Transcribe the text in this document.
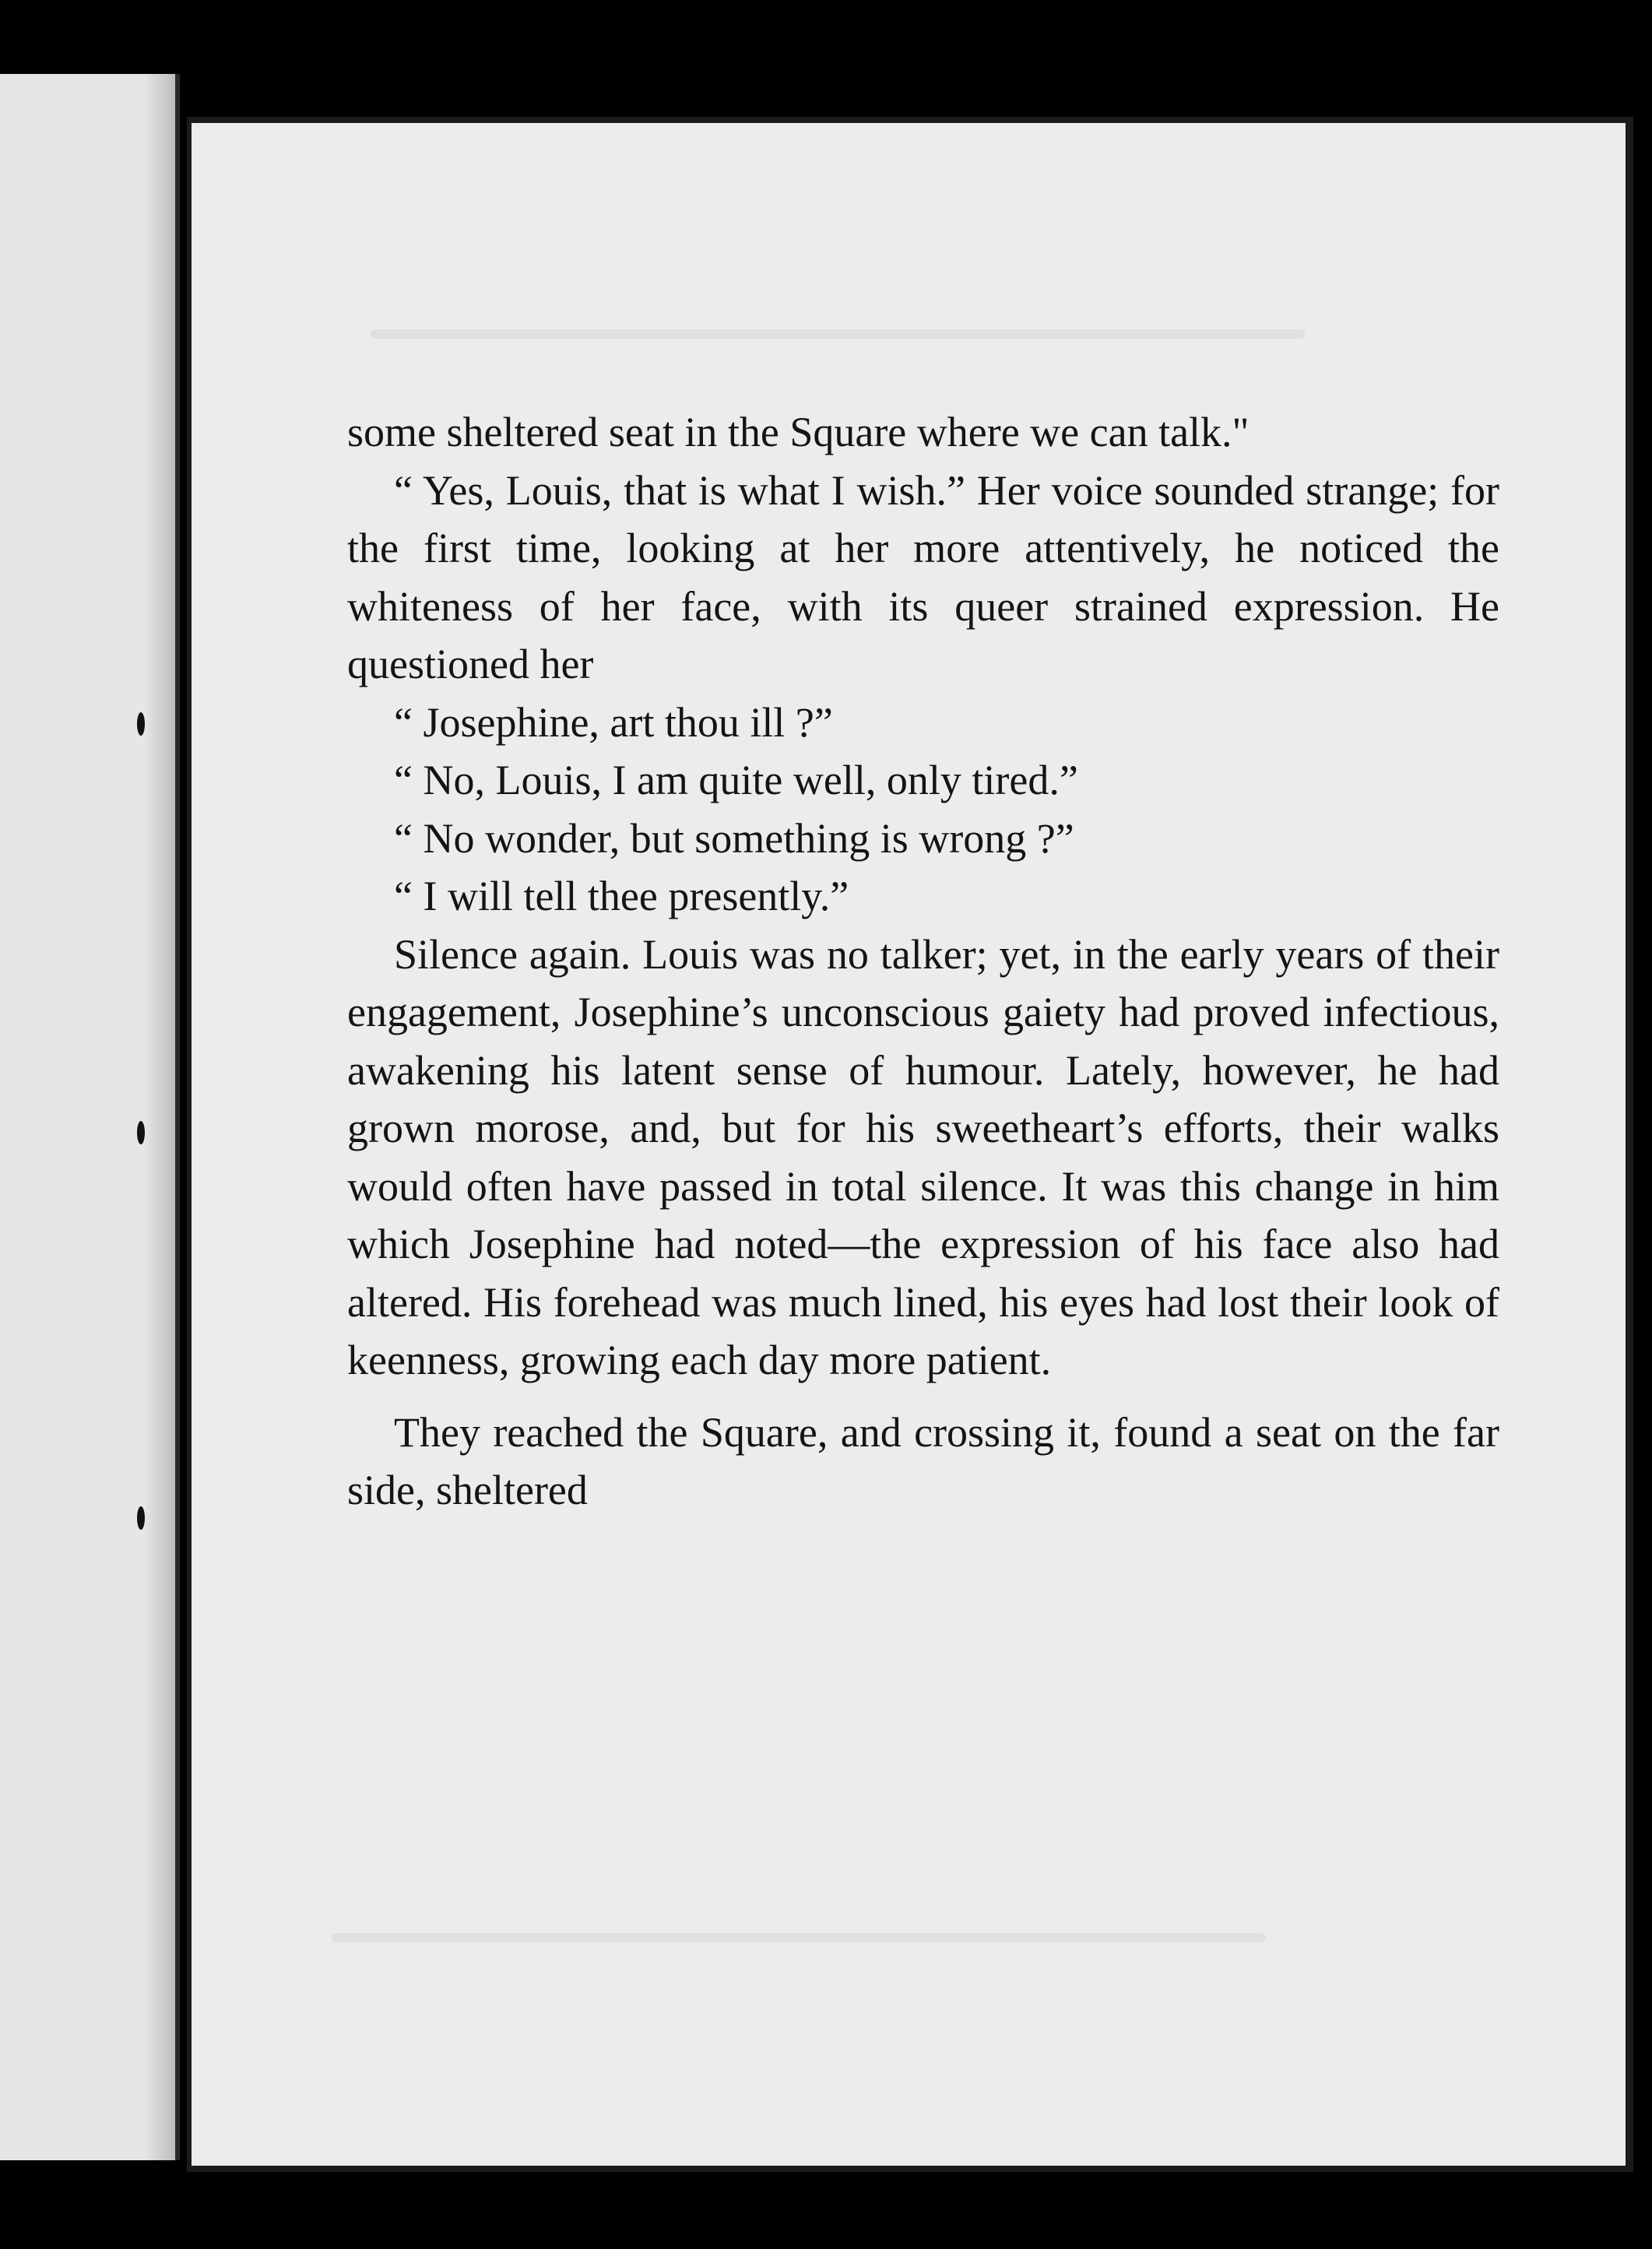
some sheltered seat in the Square where we can talk."

“ Yes, Louis, that is what I wish.” Her voice sounded strange; for the first time, looking at her more attentively, he noticed the whiteness of her face, with its queer strained expression. He questioned her

“ Josephine, art thou ill ?”

“ No, Louis, I am quite well, only tired.”

“ No wonder, but something is wrong ?”

“ I will tell thee presently.”

Silence again. Louis was no talker; yet, in the early years of their engagement, Josephine’s unconscious gaiety had proved infectious, awakening his latent sense of humour. Lately, however, he had grown morose, and, but for his sweetheart’s efforts, their walks would often have passed in total silence. It was this change in him which Josephine had noted—the expression of his face also had altered. His forehead was much lined, his eyes had lost their look of keenness, growing each day more patient.

They reached the Square, and crossing it, found a seat on the far side, sheltered
